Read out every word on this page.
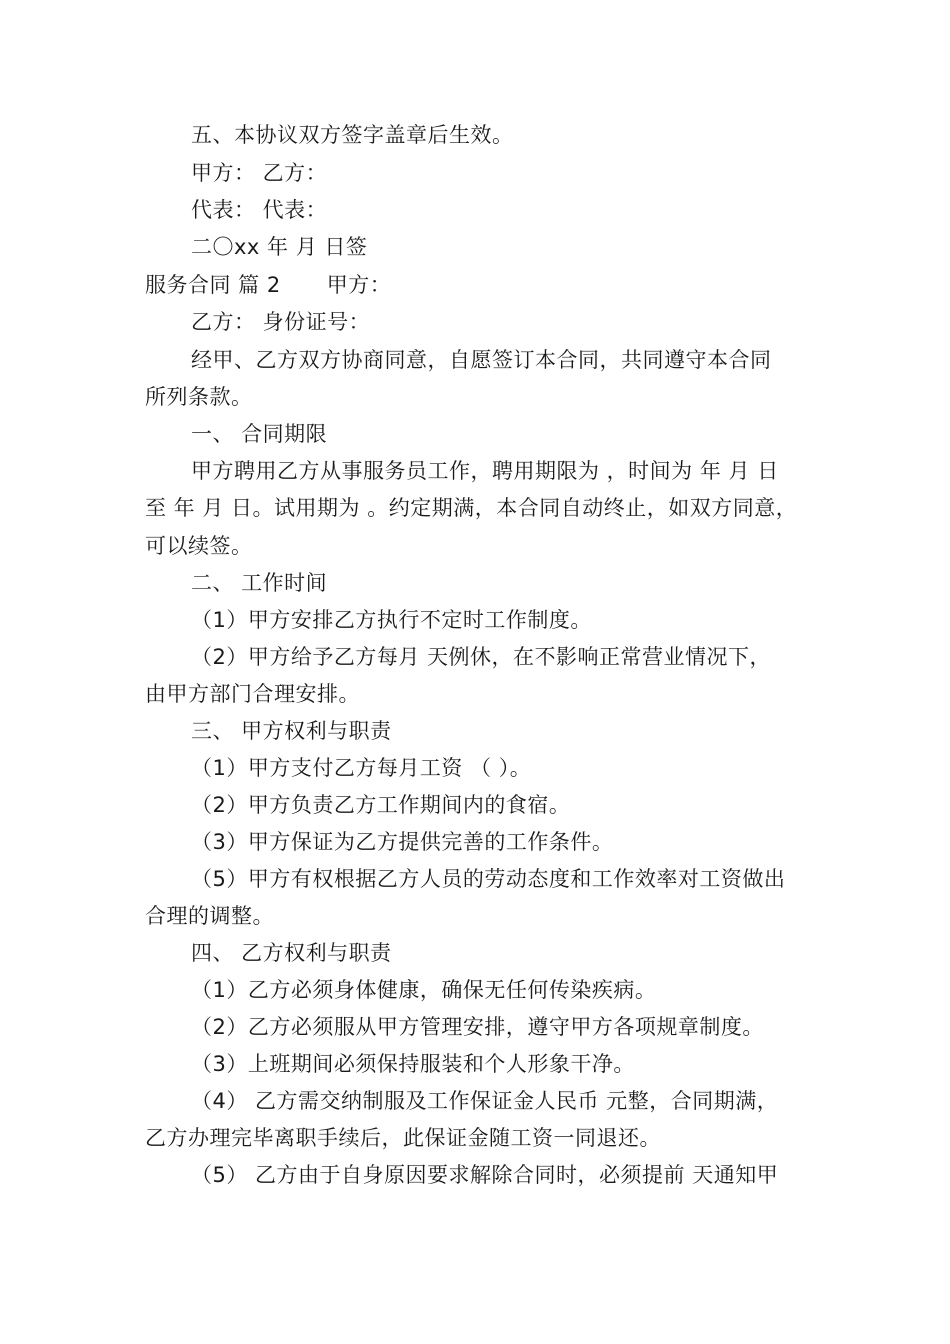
五、本协议双方签字盖章后生效。
甲方： 乙方：
代表： 代表：
二〇xx 年 月 日签
服务合同 篇 2 甲方：
乙方： 身份证号：
经甲、乙方双方协商同意，自愿签订本合同，共同遵守本合同
所列条款。
一、 合同期限
甲方聘用乙方从事服务员工作，聘用期限为 ，时间为 年 月 日
至 年 月 日。试用期为 。约定期满，本合同自动终止，如双方同意，
可以续签。
二、 工作时间
（1）甲方安排乙方执行不定时工作制度。
（2）甲方给予乙方每月 天例休，在不影响正常营业情况下，
由甲方部门合理安排。
三、 甲方权利与职责
（1）甲方支付乙方每月工资 （ ）。
（2）甲方负责乙方工作期间内的食宿。
（3）甲方保证为乙方提供完善的工作条件。
（5）甲方有权根据乙方人员的劳动态度和工作效率对工资做出
合理的调整。
四、 乙方权利与职责
（1）乙方必须身体健康，确保无任何传染疾病。
（2）乙方必须服从甲方管理安排，遵守甲方各项规章制度。
（3）上班期间必须保持服装和个人形象干净。
（4） 乙方需交纳制服及工作保证金人民币 元整，合同期满，
乙方办理完毕离职手续后，此保证金随工资一同退还。
（5） 乙方由于自身原因要求解除合同时，必须提前 天通知甲
